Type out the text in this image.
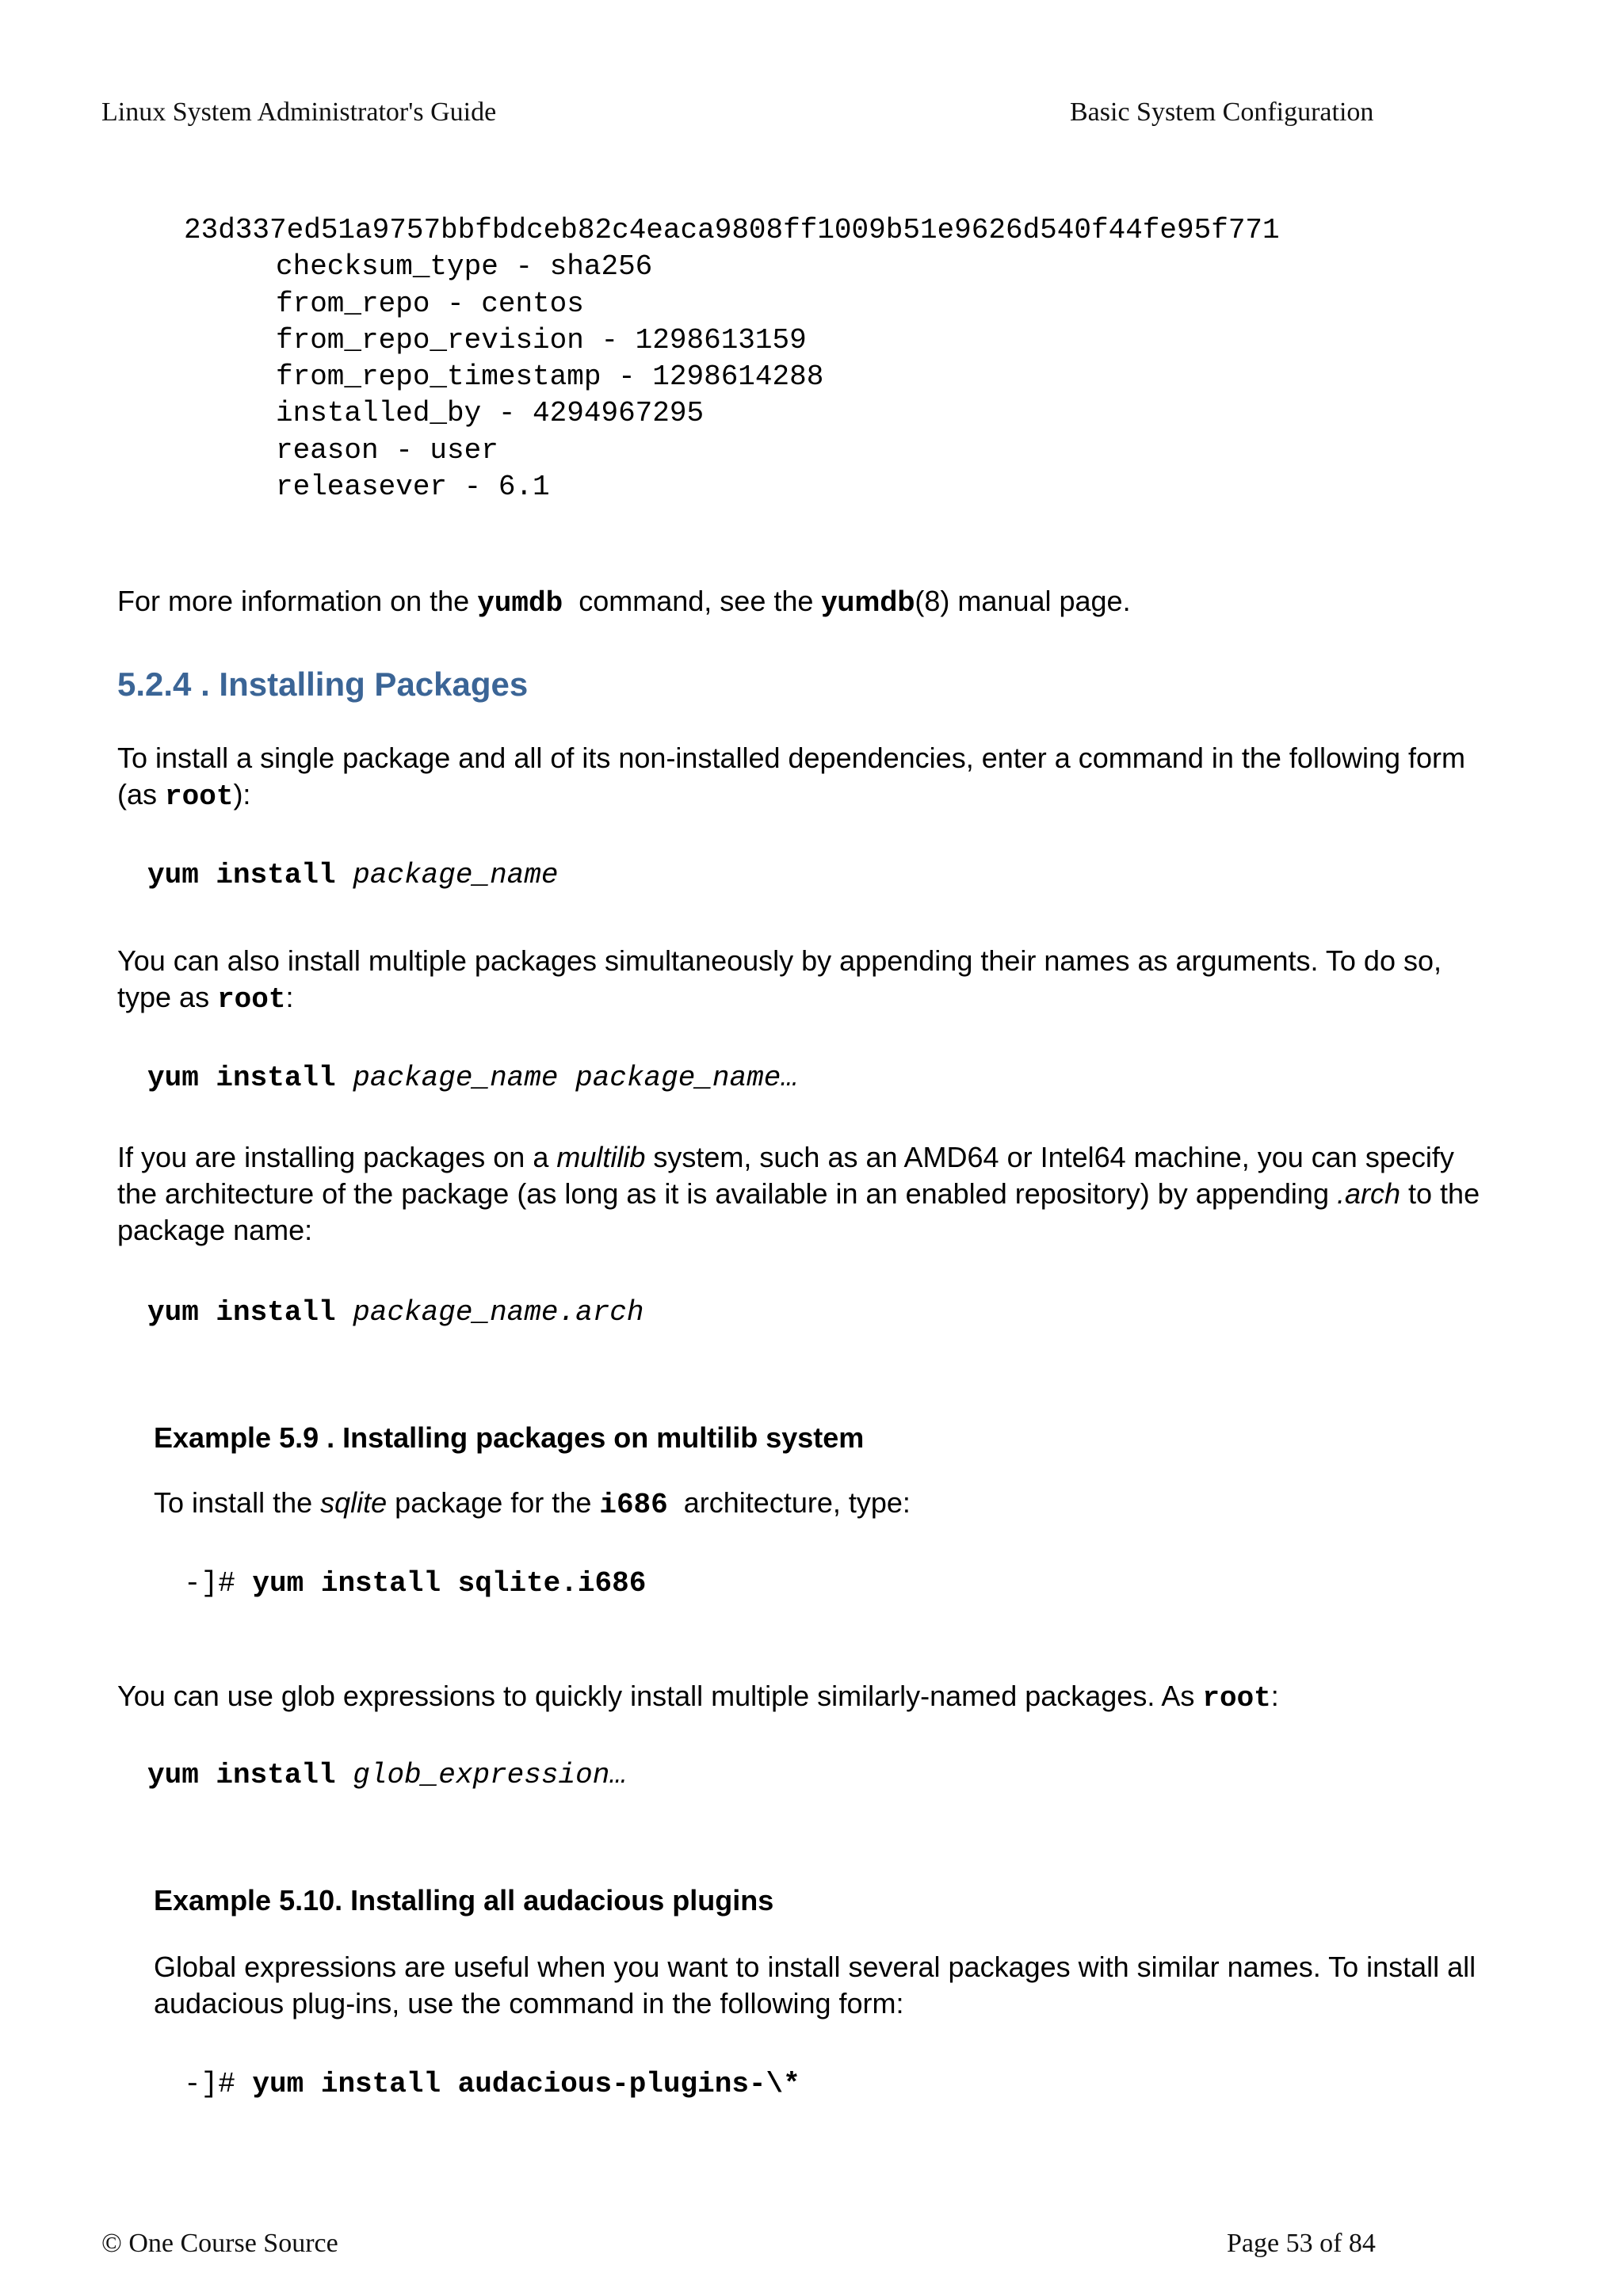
Linux System Administrator's Guide	Basic System Configuration
23d337ed51a9757bbfbdceb82c4eaca9808ff1009b51e9626d540f44fe95f771
checksum_type - sha256
from_repo - centos
from_repo_revision - 1298613159
from_repo_timestamp - 1298614288
installed_by - 4294967295
reason - user
releasever - 6.1
For more information on the yumdb  command, see the yumdb(8) manual page.
5.2.4 . Installing Packages
To install a single package and all of its non-installed dependencies, enter a command in the following form (as root):
yum install package_name
You can also install multiple packages simultaneously by appending their names as arguments. To do so, type as root:
yum install package_name package_name…
If you are installing packages on a multilib system, such as an AMD64 or Intel64 machine, you can specify the architecture of the package (as long as it is available in an enabled repository) by appending .arch to the package name:
yum install package_name.arch
Example 5.9 . Installing packages on multilib system
To install the sqlite package for the i686  architecture, type:
-]# yum install sqlite.i686
You can use glob expressions to quickly install multiple similarly-named packages. As root:
yum install glob_expression…
Example 5.10. Installing all audacious plugins
Global expressions are useful when you want to install several packages with similar names. To install all audacious plug-ins, use the command in the following form:
-]# yum install audacious-plugins-\*
© One Course Source	Page 53 of 84
